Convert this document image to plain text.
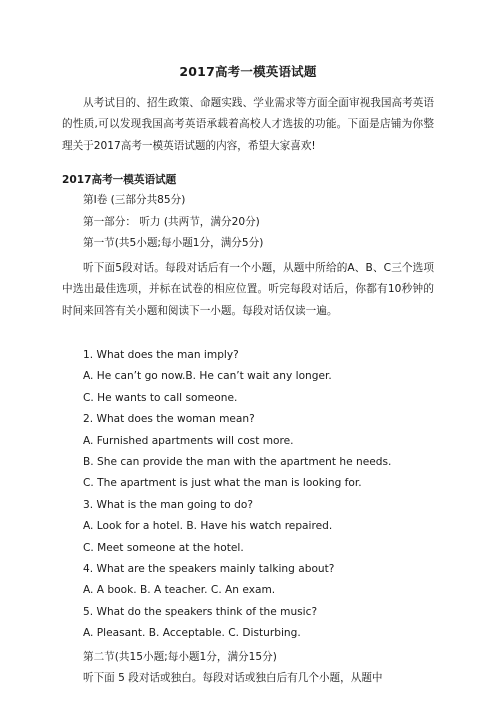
2017高考一模英语试题
从考试目的、招生政策、命题实践、学业需求等方面全面审视我国高考英语的性质,可以发现我国高考英语承载着高校人才选拔的功能。下面是店铺为你整理关于2017高考一模英语试题的内容，希望大家喜欢!
2017高考一模英语试题
第Ⅰ卷 (三部分共85分)
第一部分： 听力 (共两节，满分20分)
第一节(共5小题;每小题1分，满分5分)
听下面5段对话。每段对话后有一个小题，从题中所给的A、B、C三个选项中选出最佳选项，并标在试卷的相应位置。听完每段对话后，你都有10秒钟的时间来回答有关小题和阅读下一小题。每段对话仅读一遍。
1. What does the man imply?
A. He can’t go now.B. He can’t wait any longer.
C. He wants to call someone.
2. What does the woman mean?
A. Furnished apartments will cost more.
B. She can provide the man with the apartment he needs.
C. The apartment is just what the man is looking for.
3. What is the man going to do?
A. Look for a hotel. B. Have his watch repaired.
C. Meet someone at the hotel.
4. What are the speakers mainly talking about?
A. A book. B. A teacher. C. An exam.
5. What do the speakers think of the music?
A. Pleasant. B. Acceptable. C. Disturbing.
第二节(共15小题;每小题1分，满分15分)
听下面 5 段对话或独白。每段对话或独白后有几个小题，从题中
